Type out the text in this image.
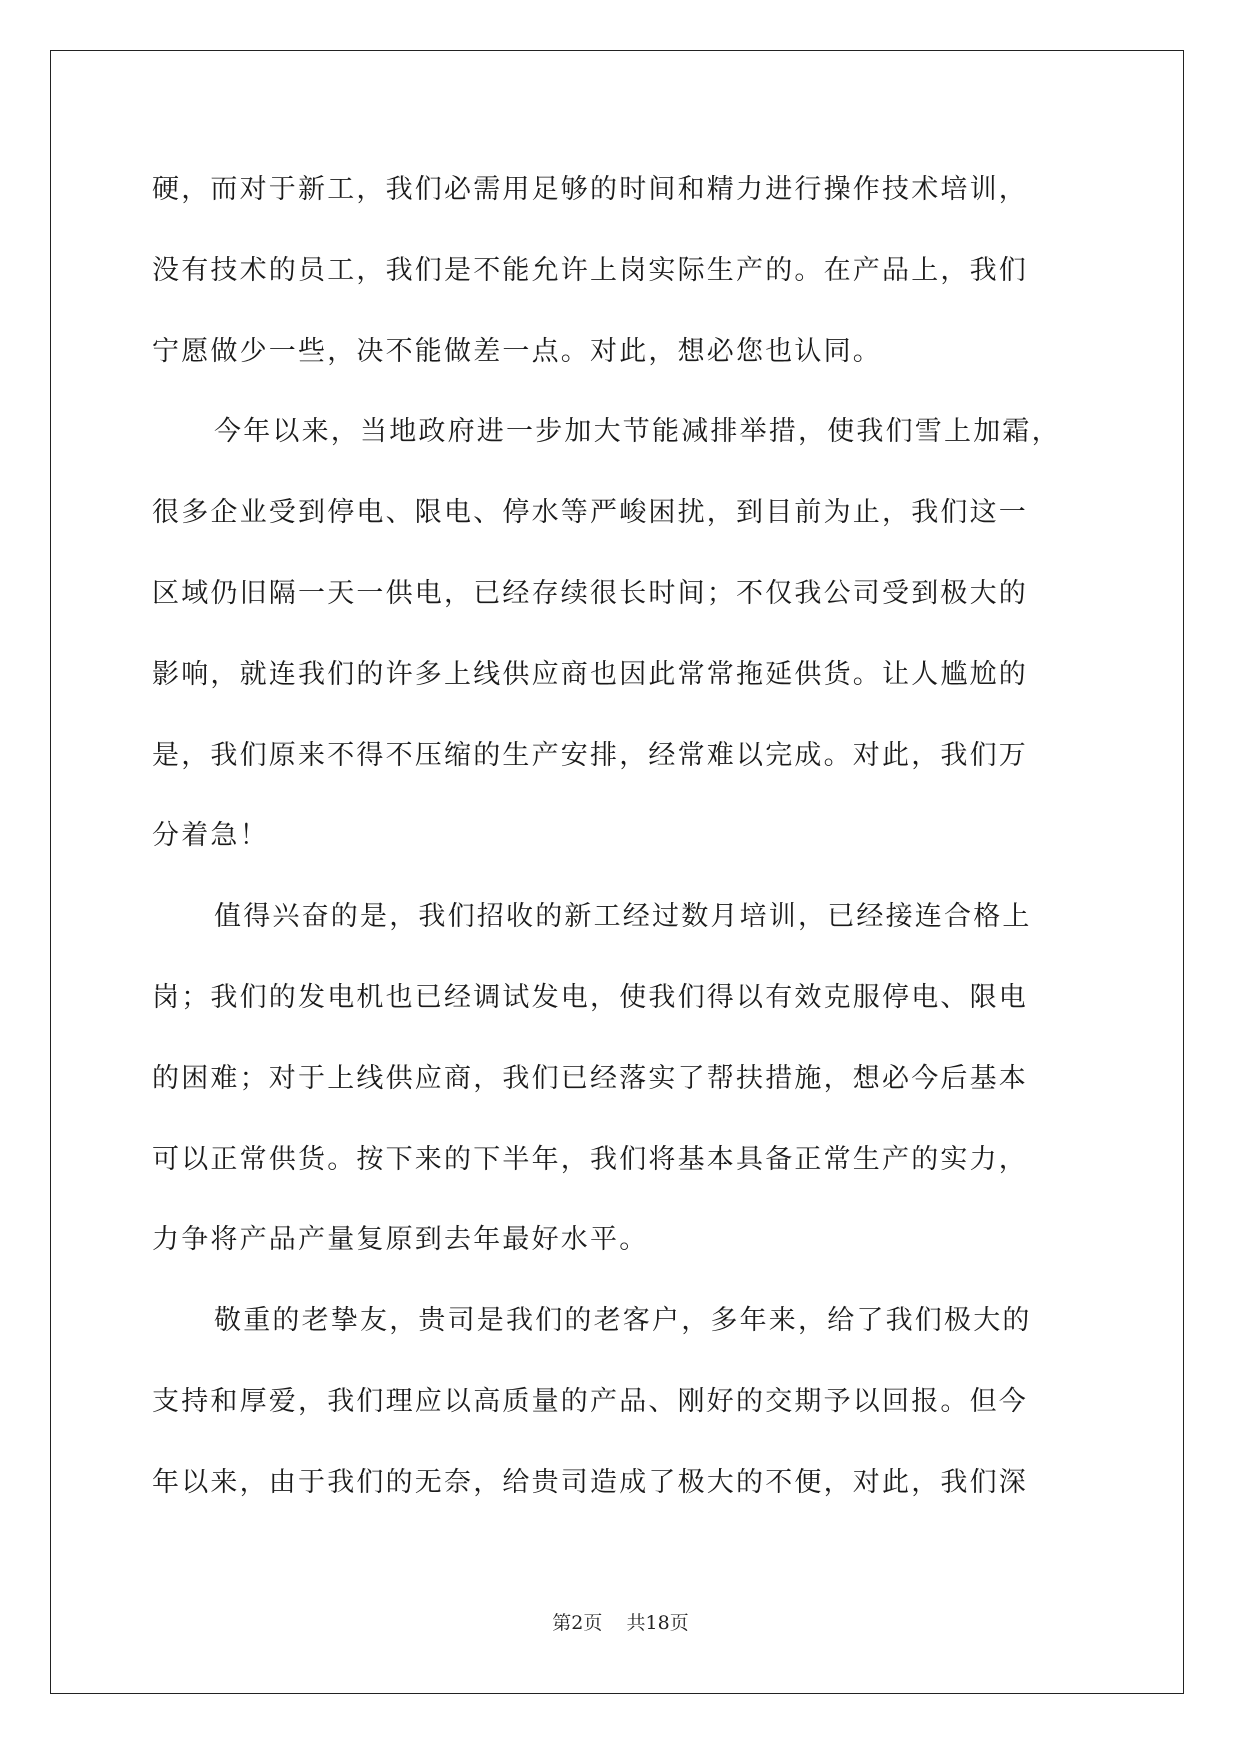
硬，而对于新工，我们必需用足够的时间和精力进行操作技术培训，
没有技术的员工，我们是不能允许上岗实际生产的。在产品上，我们
宁愿做少一些，决不能做差一点。对此，想必您也认同。
今年以来，当地政府进一步加大节能减排举措，使我们雪上加霜，
很多企业受到停电、限电、停水等严峻困扰，到目前为止，我们这一
区域仍旧隔一天一供电，已经存续很长时间；不仅我公司受到极大的
影响，就连我们的许多上线供应商也因此常常拖延供货。让人尴尬的
是，我们原来不得不压缩的生产安排，经常难以完成。对此，我们万
分着急！
值得兴奋的是，我们招收的新工经过数月培训，已经接连合格上
岗；我们的发电机也已经调试发电，使我们得以有效克服停电、限电
的困难；对于上线供应商，我们已经落实了帮扶措施，想必今后基本
可以正常供货。按下来的下半年，我们将基本具备正常生产的实力，
力争将产品产量复原到去年最好水平。
敬重的老挚友，贵司是我们的老客户，多年来，给了我们极大的
支持和厚爱，我们理应以高质量的产品、刚好的交期予以回报。但今
年以来，由于我们的无奈，给贵司造成了极大的不便，对此，我们深
第2页 共18页
